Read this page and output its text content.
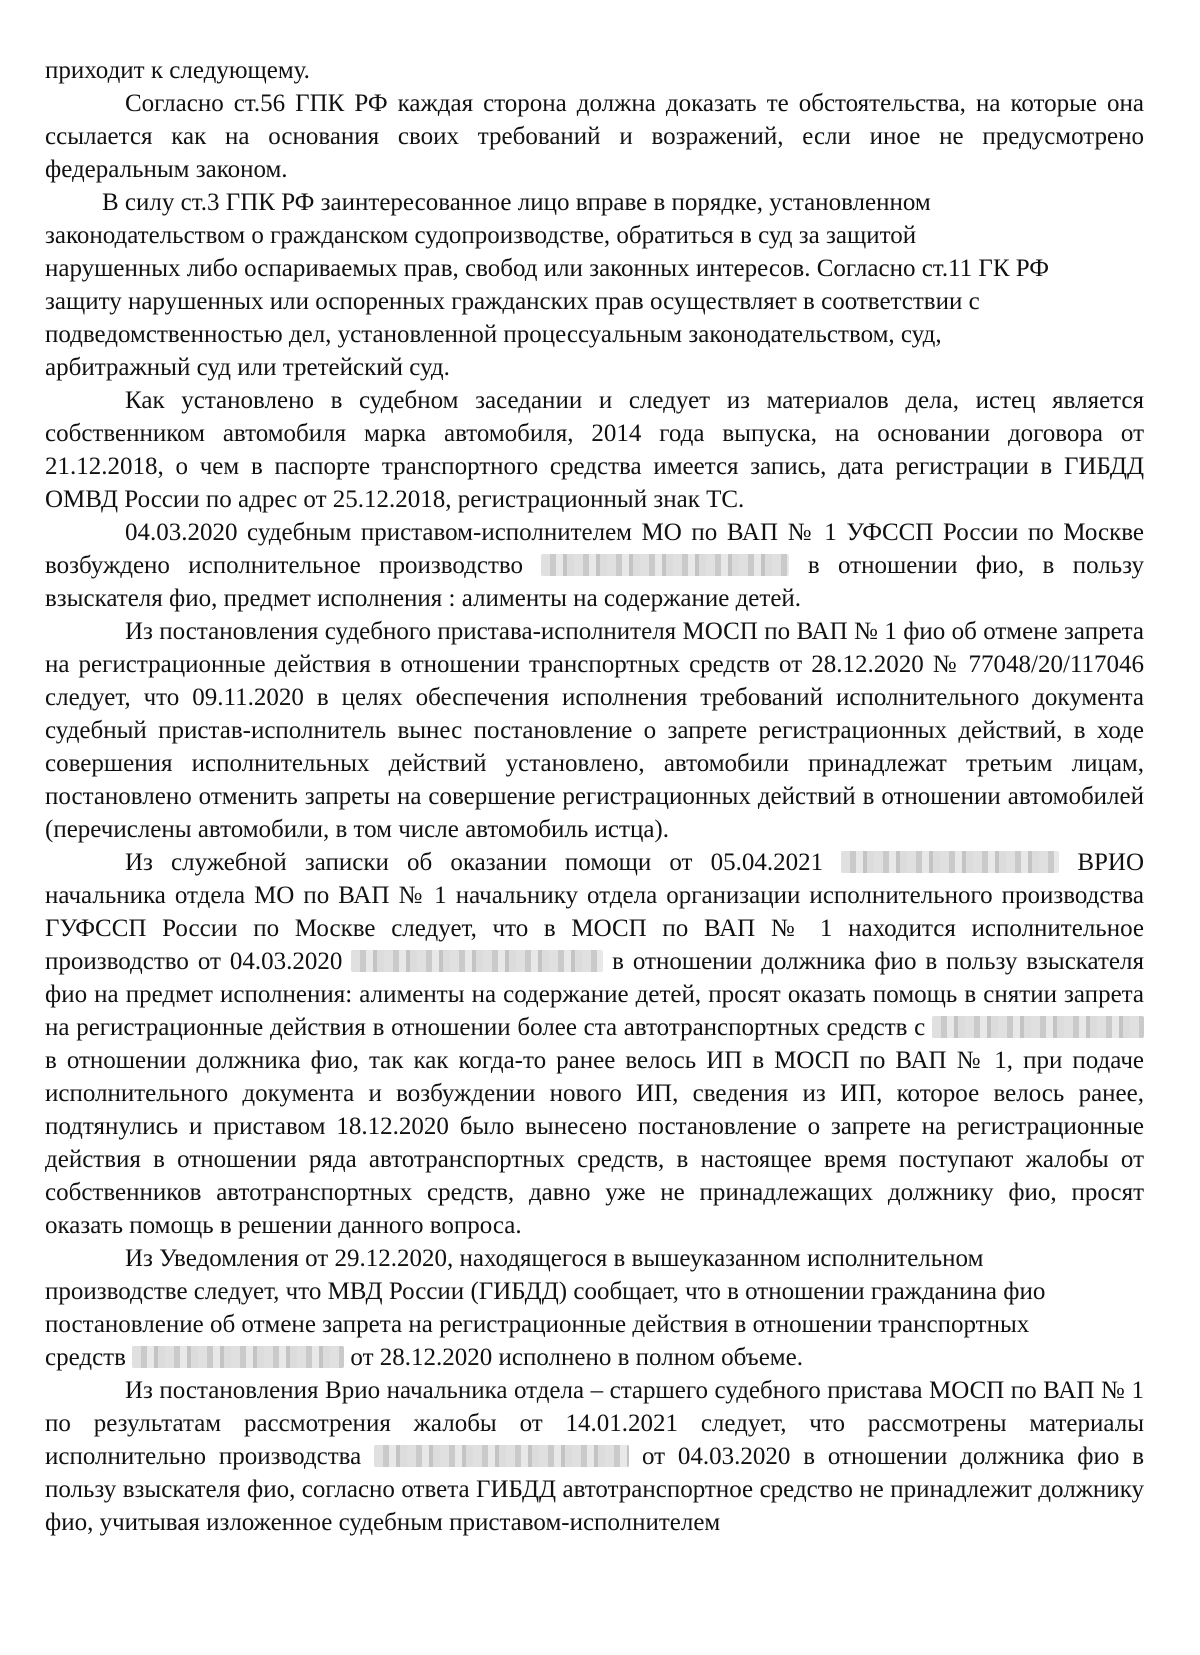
приходит к следующему.

Согласно ст.56 ГПК РФ каждая сторона должна доказать те обстоятельства, на которые она ссылается как на основания своих требований и возражений, если иное не предусмотрено федеральным законом.

В силу ст.3 ГПК РФ заинтересованное лицо вправе в порядке, установленном
законодательством о гражданском судопроизводстве, обратиться в суд за защитой
нарушенных либо оспариваемых прав, свобод или законных интересов. Согласно ст.11 ГК РФ
защиту нарушенных или оспоренных гражданских прав осуществляет в соответствии с
подведомственностью дел, установленной процессуальным законодательством, суд,
арбитражный суд или третейский суд.

Как установлено в судебном заседании и следует из материалов дела, истец является собственником автомобиля марка автомобиля, 2014 года выпуска, на основании договора от 21.12.2018, о чем в паспорте транспортного средства имеется запись, дата регистрации в ГИБДД ОМВД России по адрес от 25.12.2018, регистрационный знак ТС.

04.03.2020 судебным приставом-исполнителем МО по ВАП № 1 УФССП России по Москве возбуждено исполнительное производство	в отношении фио, в пользу взыскателя фио, предмет исполнения : алименты на содержание детей.

Из постановления судебного пристава-исполнителя МОСП по ВАП № 1 фио об отмене запрета на регистрационные действия в отношении транспортных средств от 28.12.2020 № 77048/20/117046 следует, что 09.11.2020 в целях обеспечения исполнения требований исполнительного документа судебный пристав-исполнитель вынес постановление о запрете регистрационных действий, в ходе совершения исполнительных действий установлено, автомобили принадлежат третьим лицам, постановлено отменить запреты на совершение регистрационных действий в отношении автомобилей (перечислены автомобили, в том числе автомобиль истца).

Из служебной записки об оказании помощи от 05.04.2021	ВРИО начальника отдела МО по ВАП № 1 начальнику отдела организации исполнительного производства ГУФССП России по Москве следует, что в МОСП по ВАП № 1 находится исполнительное производство от 04.03.2020	в отношении должника фио в пользу взыскателя фио на предмет исполнения: алименты на содержание детей, просят оказать помощь в снятии запрета на регистрационные действия в отношении более ста автотранспортных средств с  в отношении должника фио, так как когда-то ранее велось ИП в МОСП по ВАП № 1, при подаче исполнительного документа и возбуждении нового ИП, сведения из ИП, которое велось ранее, подтянулись и приставом 18.12.2020 было вынесено постановление о запрете на регистрационные действия в отношении ряда автотранспортных средств, в настоящее время поступают жалобы от собственников автотранспортных средств, давно уже не принадлежащих должнику фио, просят оказать помощь в решении данного вопроса.

Из Уведомления от 29.12.2020, находящегося в вышеуказанном исполнительном
производстве следует, что МВД России (ГИБДД) сообщает, что в отношении гражданина фио
постановление об отмене запрета на регистрационные действия в отношении транспортных
средств	от 28.12.2020 исполнено в полном объеме.

Из постановления Врио начальника отдела – старшего судебного пристава МОСП по ВАП № 1 по результатам рассмотрения жалобы от 14.01.2021 следует, что рассмотрены материалы исполнительно производства	от 04.03.2020 в отношении должника фио в пользу взыскателя фио, согласно ответа ГИБДД автотранспортное средство не принадлежит должнику фио, учитывая изложенное судебным приставом-исполнителем
